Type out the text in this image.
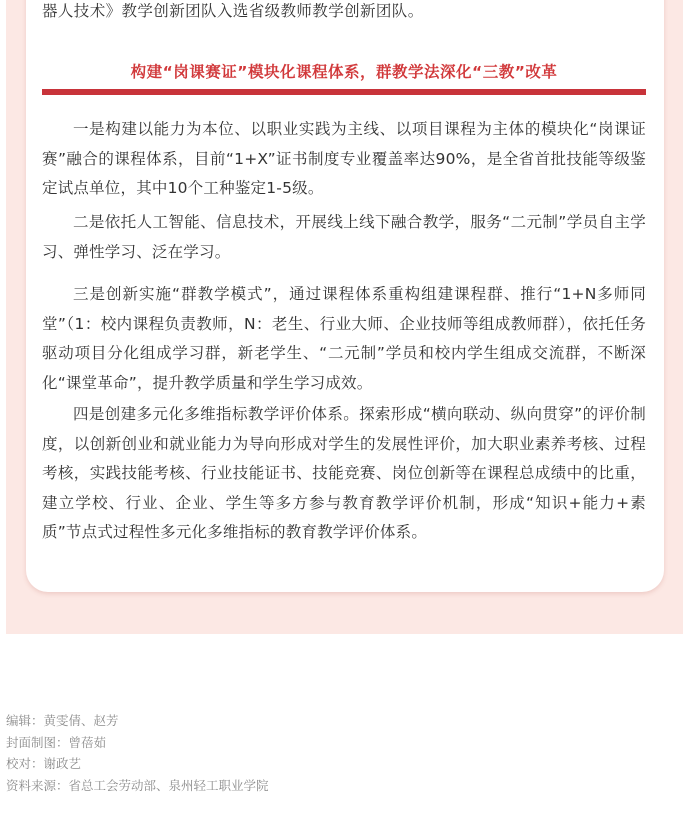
器人技术》教学创新团队入选省级教师教学创新团队。
构建“岗课赛证”模块化课程体系，群教学法深化“三教”改革

一是构建以能力为本位、以职业实践为主线、以项目课程为主体的模块化“岗课证赛”融合的课程体系，目前“1+X”证书制度专业覆盖率达90%，是全省首批技能等级鉴定试点单位，其中10个工种鉴定1-5级。

二是依托人工智能、信息技术，开展线上线下融合教学，服务“二元制”学员自主学习、弹性学习、泛在学习。

三是创新实施“群教学模式”，通过课程体系重构组建课程群、推行“1+N多师同堂”（1：校内课程负责教师，N：老生、行业大师、企业技师等组成教师群），依托任务驱动项目分化组成学习群，新老学生、“二元制”学员和校内学生组成交流群，不断深化“课堂革命”，提升教学质量和学生学习成效。

四是创建多元化多维指标教学评价体系。探索形成“横向联动、纵向贯穿”的评价制度，以创新创业和就业能力为导向形成对学生的发展性评价，加大职业素养考核、过程考核，实践技能考核、行业技能证书、技能竞赛、岗位创新等在课程总成绩中的比重，建立学校、行业、企业、学生等多方参与教育教学评价机制，形成“知识+能力+素质”节点式过程性多元化多维指标的教育教学评价体系。

编辑：黄雯倩、赵芳
封面制图：曾蓓茹
校对：谢政艺
资料来源：省总工会劳动部、泉州轻工职业学院
